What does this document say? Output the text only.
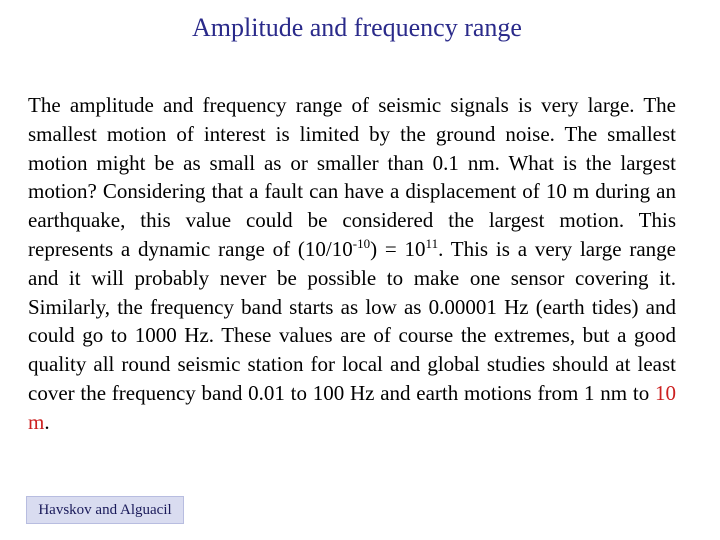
Amplitude and frequency range

The amplitude and frequency range of seismic signals is very large. The smallest motion of interest is limited by the ground noise. The smallest motion might be as small as or smaller than 0.1 nm. What is the largest motion? Considering that a fault can have a displacement of 10 m during an earthquake, this value could be considered the largest motion. This represents a dynamic range of $(10/10^{-10}) = 10^{11}$. This is a very large range and it will probably never be possible to make one sensor covering it. Similarly, the frequency band starts as low as 0.00001 Hz (earth tides) and could go to 1000 Hz. These values are of course the extremes, but a good quality all round seismic station for local and global studies should at least cover the frequency band 0.01 to 100 Hz and earth motions from 1 nm to 10 m.

Havskov and Alguacil
